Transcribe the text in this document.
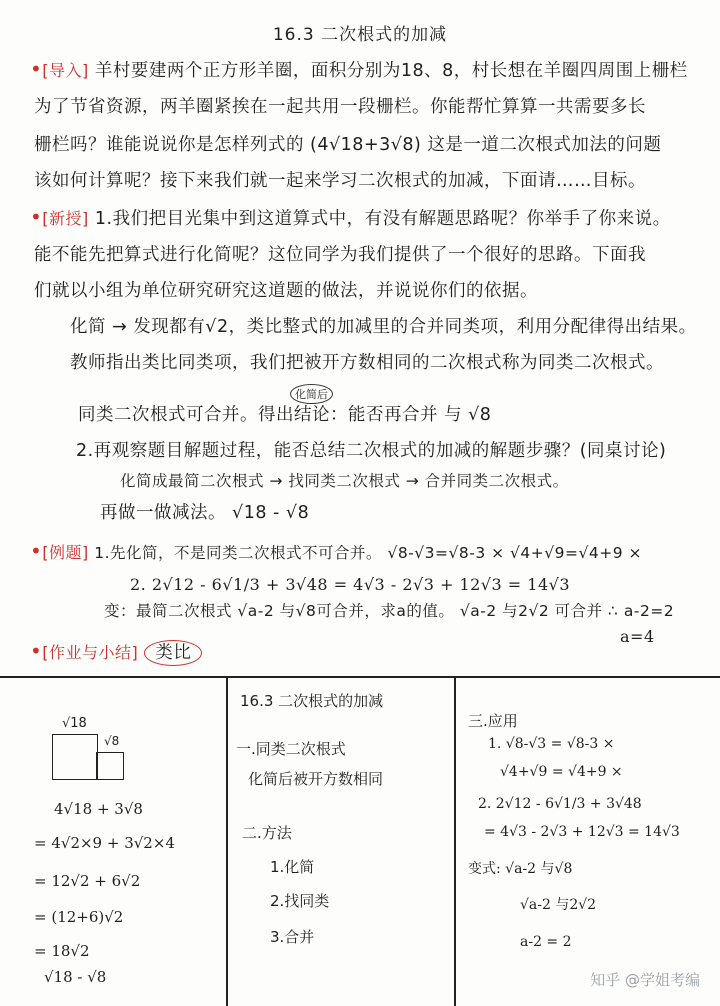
16.3 二次根式的加减
•[导入] 羊村要建两个正方形羊圈，面积分别为18、8，村长想在羊圈四周围上栅栏
为了节省资源，两羊圈紧挨在一起共用一段栅栏。你能帮忙算算一共需要多长
栅栏吗？谁能说说你是怎样列式的 (4√18+3√8) 这是一道二次根式加法的问题
该如何计算呢？接下来我们就一起来学习二次根式的加减，下面请……目标。
•[新授] 1.我们把目光集中到这道算式中，有没有解题思路呢？你举手了你来说。
能不能先把算式进行化简呢？这位同学为我们提供了一个很好的思路。下面我
们就以小组为单位研究研究这道题的做法，并说说你们的依据。
化简 → 发现都有√2，类比整式的加减里的合并同类项，利用分配律得出结果。
教师指出类比同类项，我们把被开方数相同的二次根式称为同类二次根式。
化简后
同类二次根式可合并。得出结论：能否再合并 与 √8
2.再观察题目解题过程，能否总结二次根式的加减的解题步骤？(同桌讨论)
化简成最简二次根式 → 找同类二次根式 → 合并同类二次根式。
再做一做减法。 √18 - √8
•[例题] 1.先化简，不是同类二次根式不可合并。 √8-√3=√8-3 × √4+√9=√4+9 ×
2. 2√12 - 6√1/3 + 3√48 = 4√3 - 2√3 + 12√3 = 14√3
变：最简二次根式 √a-2 与√8可合并，求a的值。 √a-2 与2√2 可合并 ∴ a-2=2
a=4
•[作业与小结] 类比
√18
√8
4√18 + 3√8
= 4√2×9 + 3√2×4
= 12√2 + 6√2
= (12+6)√2
= 18√2
√18 - √8
16.3 二次根式的加减
一.同类二次根式
化简后被开方数相同
二.方法
1.化简
2.找同类
3.合并
三.应用
1. √8-√3 = √8-3 ×
√4+√9 = √4+9 ×
2. 2√12 - 6√1/3 + 3√48
= 4√3 - 2√3 + 12√3 = 14√3
变式: √a-2 与√8
√a-2 与2√2
a-2 = 2
知乎 @学姐考编
